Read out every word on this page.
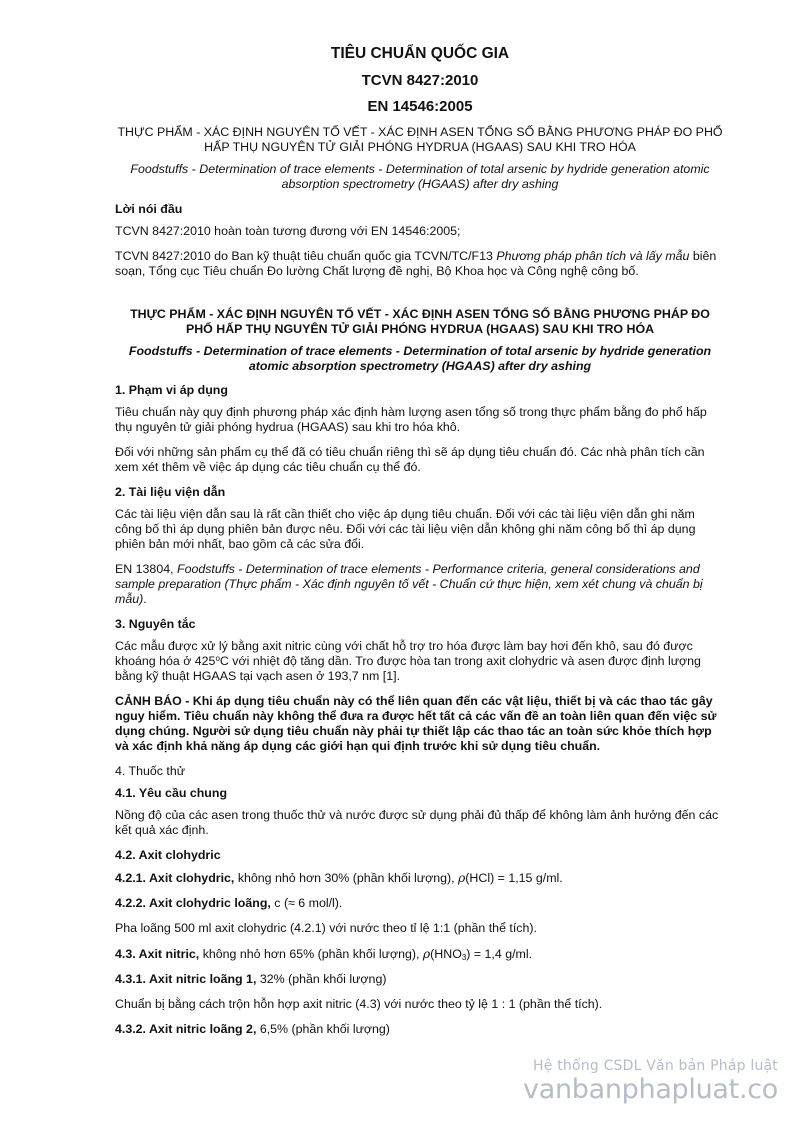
TIÊU CHUẨN QUỐC GIA
TCVN 8427:2010
EN 14546:2005
THỰC PHẨM - XÁC ĐỊNH NGUYÊN TỐ VẾT - XÁC ĐỊNH ASEN TỔNG SỐ BẰNG PHƯƠNG PHÁP ĐO PHỔ HẤP THỤ NGUYÊN TỬ GIẢI PHÓNG HYDRUA (HGAAS) SAU KHI TRO HÓA
Foodstuffs - Determination of trace elements - Determination of total arsenic by hydride generation atomic absorption spectrometry (HGAAS) after dry ashing
Lời nói đầu

TCVN 8427:2010 hoàn toàn tương đương với EN 14546:2005;

TCVN 8427:2010 do Ban kỹ thuật tiêu chuẩn quốc gia TCVN/TC/F13 Phương pháp phân tích và lấy mẫu biên soạn, Tổng cục Tiêu chuẩn Đo lường Chất lượng đề nghị, Bộ Khoa học và Công nghệ công bố.

THỰC PHẨM - XÁC ĐỊNH NGUYÊN TỐ VẾT - XÁC ĐỊNH ASEN TỔNG SỐ BẰNG PHƯƠNG PHÁP ĐO PHỔ HẤP THỤ NGUYÊN TỬ GIẢI PHÓNG HYDRUA (HGAAS) SAU KHI TRO HÓA
Foodstuffs - Determination of trace elements - Determination of total arsenic by hydride generation atomic absorption spectrometry (HGAAS) after dry ashing
1. Phạm vi áp dụng

Tiêu chuẩn này quy định phương pháp xác định hàm lượng asen tổng số trong thực phẩm bằng đo phổ hấp thụ nguyên tử giải phóng hydrua (HGAAS) sau khi tro hóa khô.

Đối với những sản phẩm cụ thể đã có tiêu chuẩn riêng thì sẽ áp dụng tiêu chuẩn đó. Các nhà phân tích cần xem xét thêm về việc áp dụng các tiêu chuẩn cụ thể đó.

2. Tài liệu viện dẫn

Các tài liệu viện dẫn sau là rất cần thiết cho việc áp dụng tiêu chuẩn. Đối với các tài liệu viện dẫn ghi năm công bố thì áp dụng phiên bản được nêu. Đối với các tài liệu viện dẫn không ghi năm công bố thì áp dụng phiên bản mới nhất, bao gồm cả các sửa đổi.

EN 13804, Foodstuffs - Determination of trace elements - Performance criteria, general considerations and sample preparation (Thực phẩm - Xác định nguyên tố vết - Chuẩn cứ thực hiện, xem xét chung và chuẩn bị mẫu).

3. Nguyên tắc

Các mẫu được xử lý bằng axit nitric cùng với chất hỗ trợ tro hóa được làm bay hơi đến khô, sau đó được khoáng hóa ở 425$^o$C với nhiệt độ tăng dần. Tro được hòa tan trong axit clohydric và asen được định lượng bằng kỹ thuật HGAAS tại vạch asen ở 193,7 nm [1].

CẢNH BÁO - Khi áp dụng tiêu chuẩn này có thể liên quan đến các vật liệu, thiết bị và các thao tác gây nguy hiểm. Tiêu chuẩn này không thể đưa ra được hết tất cả các vấn đề an toàn liên quan đến việc sử dụng chúng. Người sử dụng tiêu chuẩn này phải tự thiết lập các thao tác an toàn sức khỏe thích hợp và xác định khả năng áp dụng các giới hạn qui định trước khi sử dụng tiêu chuẩn.

4. Thuốc thử
4.1. Yêu cầu chung

Nồng độ của các asen trong thuốc thử và nước được sử dụng phải đủ thấp để không làm ảnh hưởng đến các kết quả xác định.

4.2. Axit clohydric

4.2.1. Axit clohydric, không nhỏ hơn 30% (phần khối lượng), ρ(HCl) = 1,15 g/ml.

4.2.2. Axit clohydric loãng, c (≈ 6 mol/l).

Pha loãng 500 ml axit clohydric (4.2.1) với nước theo tỉ lệ 1:1 (phần thể tích).

4.3. Axit nitric, không nhỏ hơn 65% (phần khối lượng), $\rho(HNO_3) = 1,4$ g/ml.

4.3.1. Axit nitric loãng 1, 32% (phần khối lượng)

Chuẩn bị bằng cách trộn hỗn hợp axit nitric (4.3) với nước theo tỷ lệ 1 : 1 (phần thể tích).

4.3.2. Axit nitric loãng 2, 6,5% (phần khối lượng)

Hệ thống CSDL Văn bản Pháp luật
vanbanphapluat.co
